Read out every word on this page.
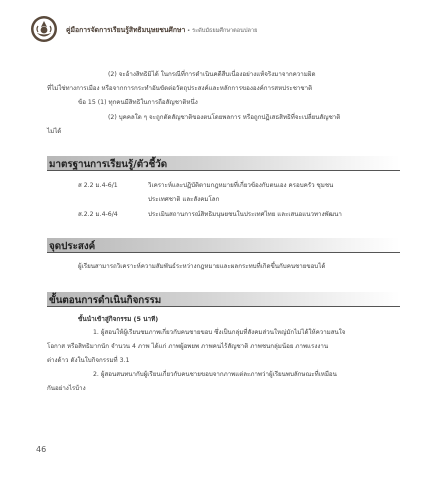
คู่มือการจัดการเรียนรู้สิทธิมนุษยชนศึกษา • ระดับมัธยมศึกษาตอนปลาย
(2) จะอ้างสิทธิมิได้ ในกรณีที่การดำเนินคดีสืบเนื่องอย่างแท้จริงมาจากความผิด
ที่ไม่ใช่ทางการเมือง หรือจากการกระทำอันขัดต่อวัตถุประสงค์และหลักการขององค์การสหประชาชาติ
ข้อ 15 (1) ทุกคนมีสิทธิในการถือสัญชาติหนึ่ง
(2) บุคคลใด ๆ จะถูกตัดสัญชาติของตนโดยพลการ หรือถูกปฏิเสธสิทธิที่จะเปลี่ยนสัญชาติ
ไม่ได้
มาตรฐานการเรียนรู้/ตัวชี้วัด
ส 2.2 ม.4-6/1	วิเคราะห์และปฏิบัติตามกฎหมายที่เกี่ยวข้องกับตนเอง ครอบครัว ชุมชน
ประเทศชาติ และสังคมโลก
ส.2.2 ม.4-6/4	ประเมินสถานการณ์สิทธิมนุษยชนในประเทศไทย และเสนอแนวทางพัฒนา
จุดประสงค์
ผู้เรียนสามารถวิเคราะห์ความสัมพันธ์ระหว่างกฎหมายและผลกระทบที่เกิดขึ้นกับคนชายขอบได้
ขั้นตอนการดำเนินกิจกรรม
ขั้นนำเข้าสู่กิจกรรม (5 นาที)
1. ผู้สอนให้ผู้เรียนชมภาพเกี่ยวกับคนชายขอบ ซึ่งเป็นกลุ่มที่สังคมส่วนใหญ่มักไม่ได้ให้ความสนใจ
โอกาส หรือสิทธิมากนัก จำนวน 4 ภาพ ได้แก่ ภาพผู้อพยพ ภาพคนไร้สัญชาติ ภาพชนกลุ่มน้อย ภาพแรงงาน
ต่างด้าว ดังในใบกิจกรรมที่ 3.1
2. ผู้สอนสนทนากับผู้เรียนเกี่ยวกับคนชายขอบจากภาพแต่ละภาพว่าผู้เรียนพบลักษณะที่เหมือน
กันอย่างไรบ้าง
46
